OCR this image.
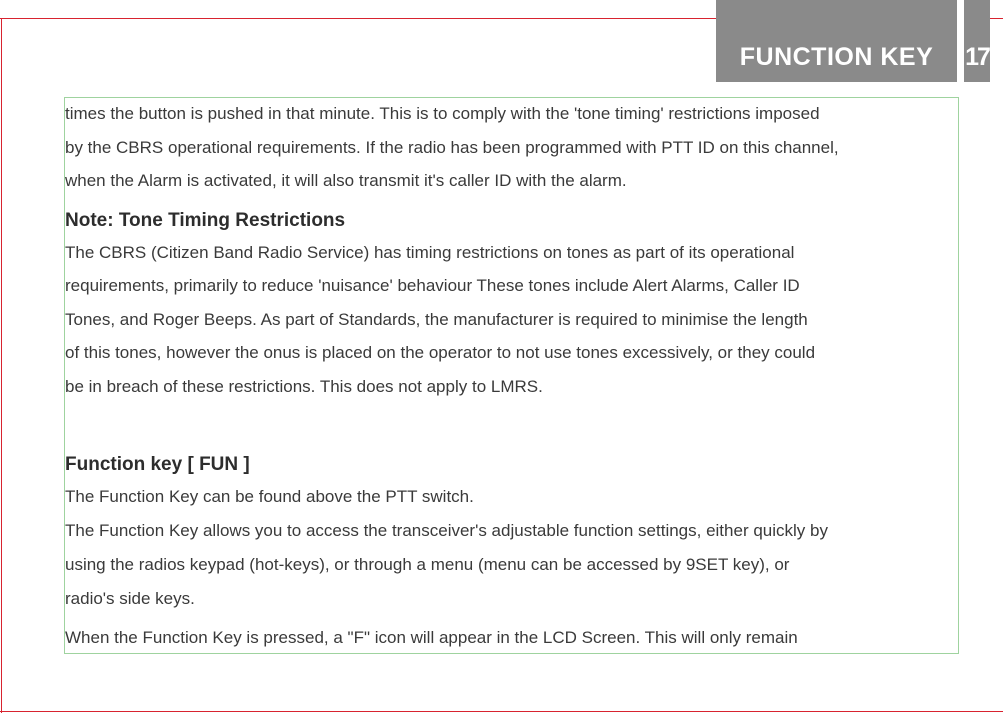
FUNCTION KEY	17

times the button is pushed in that minute. This is to comply with the 'tone timing' restrictions imposed

by the CBRS operational requirements. If the radio has been programmed with PTT ID on this channel,

when the Alarm is activated, it will also transmit it's caller ID with the alarm.

Note: Tone Timing Restrictions

The CBRS (Citizen Band Radio Service) has timing restrictions on tones as part of its operational

requirements, primarily to reduce 'nuisance' behaviour These tones include Alert Alarms, Caller ID

Tones, and Roger Beeps. As part of Standards, the manufacturer is required to minimise the length

of this tones, however the onus is placed on the operator to not use tones excessively, or they could

be in breach of these restrictions. This does not apply to LMRS.

Function key [ FUN ]

The Function Key can be found above the PTT switch.

The Function Key allows you to access the transceiver's adjustable function settings, either quickly by

using the radios keypad (hot-keys), or through a menu (menu can be accessed by 9SET key), or

radio's side keys.

When the Function Key is pressed, a "F" icon will appear in the LCD Screen. This will only remain
